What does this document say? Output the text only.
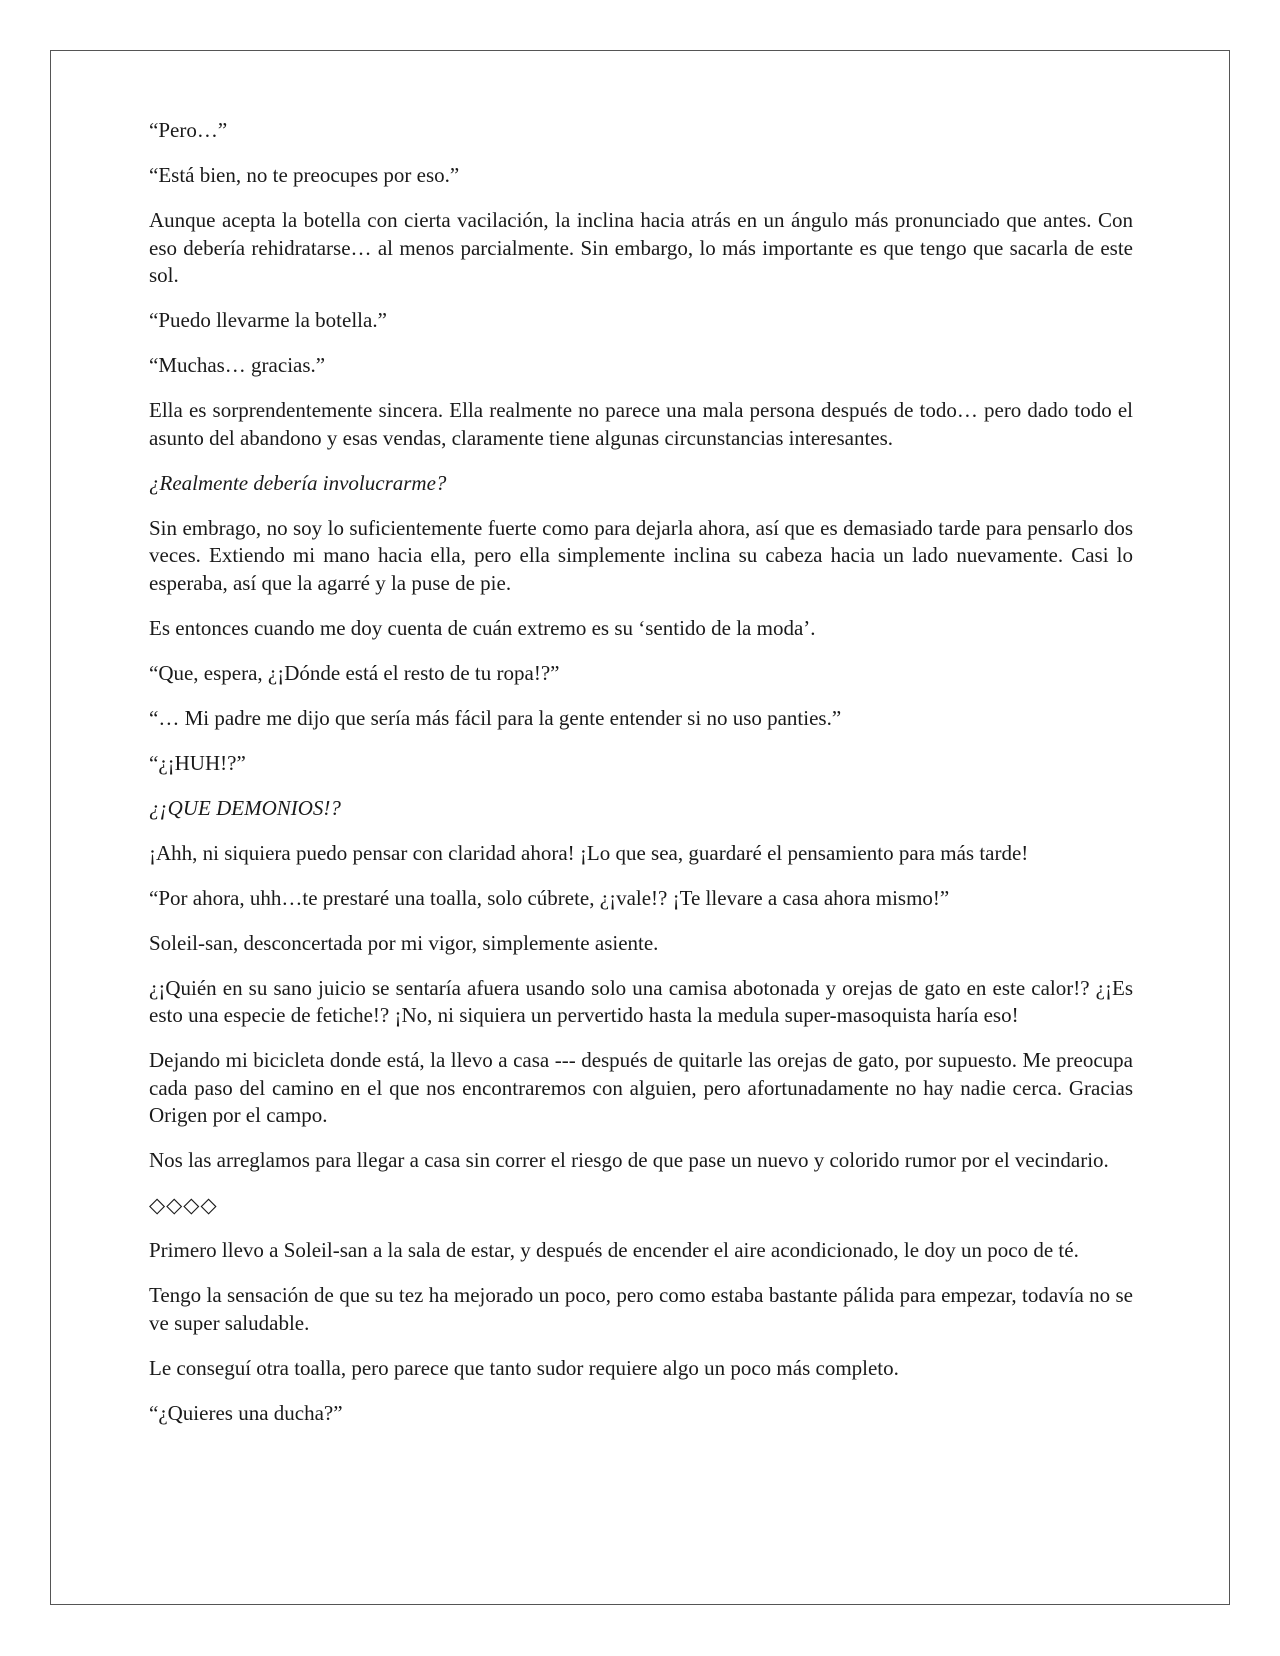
“Pero…”

“Está bien, no te preocupes por eso.”

Aunque acepta la botella con cierta vacilación, la inclina hacia atrás en un ángulo más pronunciado que antes. Con eso debería rehidratarse… al menos parcialmente. Sin embargo, lo más importante es que tengo que sacarla de este sol.

“Puedo llevarme la botella.”

“Muchas… gracias.”

Ella es sorprendentemente sincera. Ella realmente no parece una mala persona después de todo… pero dado todo el asunto del abandono y esas vendas, claramente tiene algunas circunstancias interesantes.

¿Realmente debería involucrarme?

Sin embrago, no soy lo suficientemente fuerte como para dejarla ahora, así que es demasiado tarde para pensarlo dos veces. Extiendo mi mano hacia ella, pero ella simplemente inclina su cabeza hacia un lado nuevamente. Casi lo esperaba, así que la agarré y la puse de pie.

Es entonces cuando me doy cuenta de cuán extremo es su ‘sentido de la moda’.

“Que, espera, ¿¡Dónde está el resto de tu ropa!?”

“… Mi padre me dijo que sería más fácil para la gente entender si no uso panties.”

“¿¡HUH!?”

¿¡QUE DEMONIOS!?

¡Ahh, ni siquiera puedo pensar con claridad ahora! ¡Lo que sea, guardaré el pensamiento para más tarde!

“Por ahora, uhh…te prestaré una toalla, solo cúbrete, ¿¡vale!? ¡Te llevare a casa ahora mismo!”

Soleil-san, desconcertada por mi vigor, simplemente asiente.

¿¡Quién en su sano juicio se sentaría afuera usando solo una camisa abotonada y orejas de gato en este calor!? ¿¡Es esto una especie de fetiche!? ¡No, ni siquiera un pervertido hasta la medula super-masoquista haría eso!

Dejando mi bicicleta donde está, la llevo a casa --- después de quitarle las orejas de gato, por supuesto. Me preocupa cada paso del camino en el que nos encontraremos con alguien, pero afortunadamente no hay nadie cerca. Gracias Origen por el campo.

Nos las arreglamos para llegar a casa sin correr el riesgo de que pase un nuevo y colorido rumor por el vecindario.

◇◇◇◇

Primero llevo a Soleil-san a la sala de estar, y después de encender el aire acondicionado, le doy un poco de té.

Tengo la sensación de que su tez ha mejorado un poco, pero como estaba bastante pálida para empezar, todavía no se ve super saludable.

Le conseguí otra toalla, pero parece que tanto sudor requiere algo un poco más completo.

“¿Quieres una ducha?”
